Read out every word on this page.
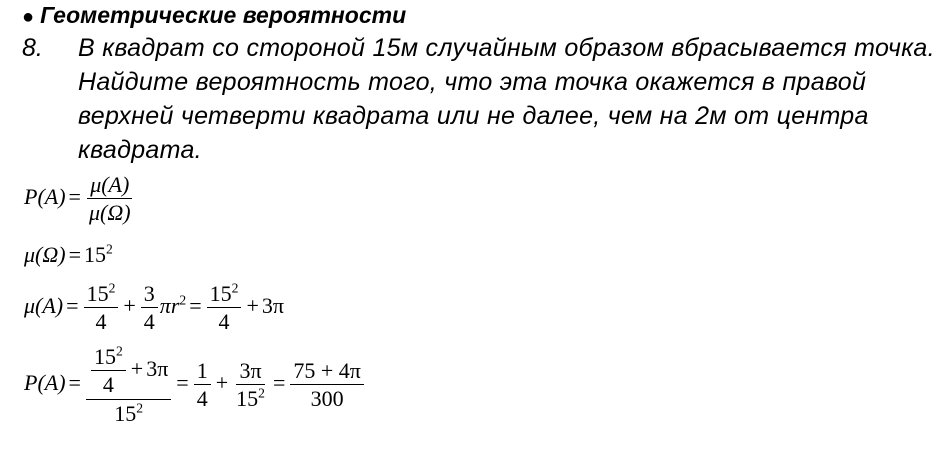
● Геометрические вероятности
8. В квадрат со стороной 15м случайным образом вбрасывается точка.
Найдите вероятность того, что эта точка окажется в правой
верхней четверти квадрата или не далее, чем на 2м от центра
квадрата.
$P(A) = \frac{\mu(A)}{\mu(\Omega)}$
$\mu(\Omega) = 15^2$
$\mu(A) = \frac{15^2}{4} + \frac{3}{4} \pi r^2 = \frac{15^2}{4} + 3\pi$
$P(A) = \frac{\frac{15^2}{4} + 3\pi}{15^2} = \frac{1}{4} + \frac{3\pi}{15^2} = \frac{75 + 4\pi}{300}$
